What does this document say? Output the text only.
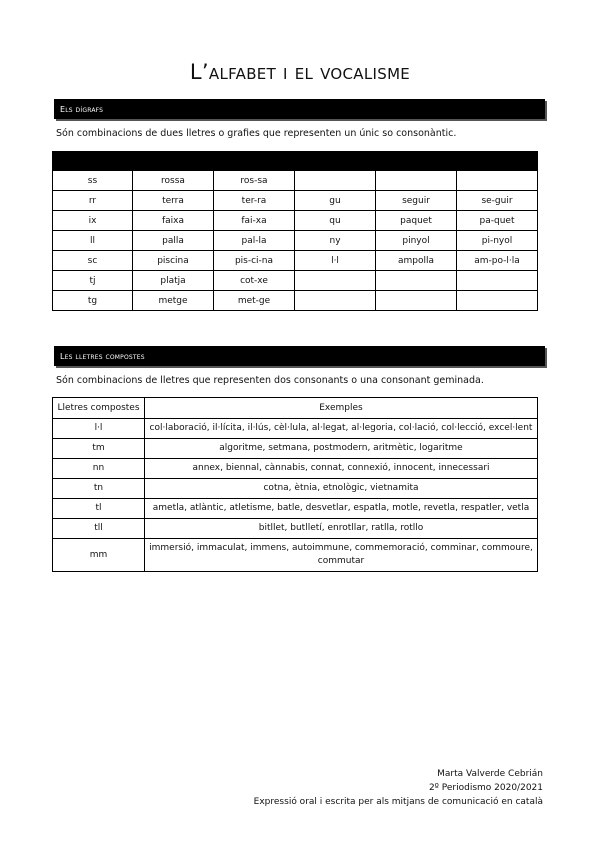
L’alfabet i el vocalisme
Els dígrafs
Són combinacions de dues lletres o grafies que representen un únic so consonàntic.

ss	rossa	ros-sa			
rr	terra	ter-ra	gu	seguir	se-guir
ix	faixa	fai-xa	qu	paquet	pa-quet
ll	palla	pal-la	ny	pinyol	pi-nyol
sc	piscina	pis-ci-na	l·l	ampolla	am-po-l·la
tj	platja	cot-xe			
tg	metge	met-ge			
Les lletres compostes
Són combinacions de lletres que representen dos consonants o una consonant geminada.
Lletres compostes	Exemples
l·l	col·laboració, il·lícita, il·lús, cèl·lula, al·legat, al·legoria, col·lació, col·lecció, excel·lent
tm	algoritme, setmana, postmodern, aritmètic, logaritme
nn	annex, biennal, cànnabis, connat, connexió, innocent, innecessari
tn	cotna, ètnia, etnològic, vietnamita
tl	ametla, atlàntic, atletisme, batle, desvetlar, espatla, motle, revetla, respatler, vetla
tll	bitllet, butlletí, enrotllar, ratlla, rotllo
mm	immersió, immaculat, immens, autoimmune, commemoració, comminar, commoure, commutar
Marta Valverde Cebrián
2º Periodismo 2020/2021
Expressió oral i escrita per als mitjans de comunicació en català
